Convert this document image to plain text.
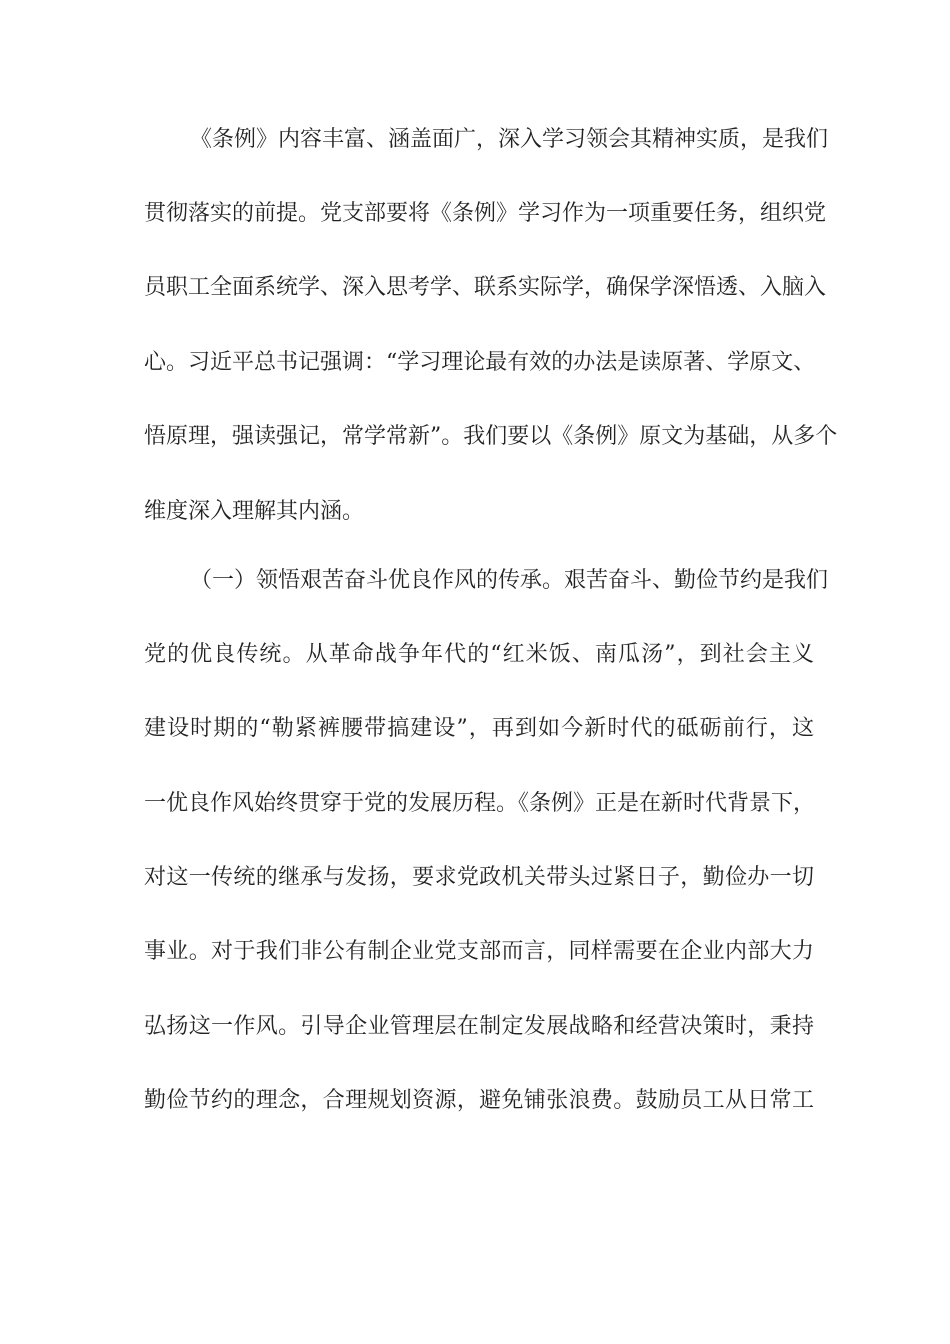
《条例》内容丰富、涵盖面广，深入学习领会其精神实质，是我们
贯彻落实的前提。党支部要将《条例》学习作为一项重要任务，组织党
员职工全面系统学、深入思考学、联系实际学，确保学深悟透、入脑入
心。习近平总书记强调：“学习理论最有效的办法是读原著、学原文、
悟原理，强读强记，常学常新”。我们要以《条例》原文为基础，从多个
维度深入理解其内涵。
（一）领悟艰苦奋斗优良作风的传承。艰苦奋斗、勤俭节约是我们
党的优良传统。从革命战争年代的“红米饭、南瓜汤”，到社会主义
建设时期的“勒紧裤腰带搞建设”，再到如今新时代的砥砺前行，这
一优良作风始终贯穿于党的发展历程。《条例》正是在新时代背景下，
对这一传统的继承与发扬，要求党政机关带头过紧日子，勤俭办一切
事业。对于我们非公有制企业党支部而言，同样需要在企业内部大力
弘扬这一作风。引导企业管理层在制定发展战略和经营决策时，秉持
勤俭节约的理念，合理规划资源，避免铺张浪费。鼓励员工从日常工
